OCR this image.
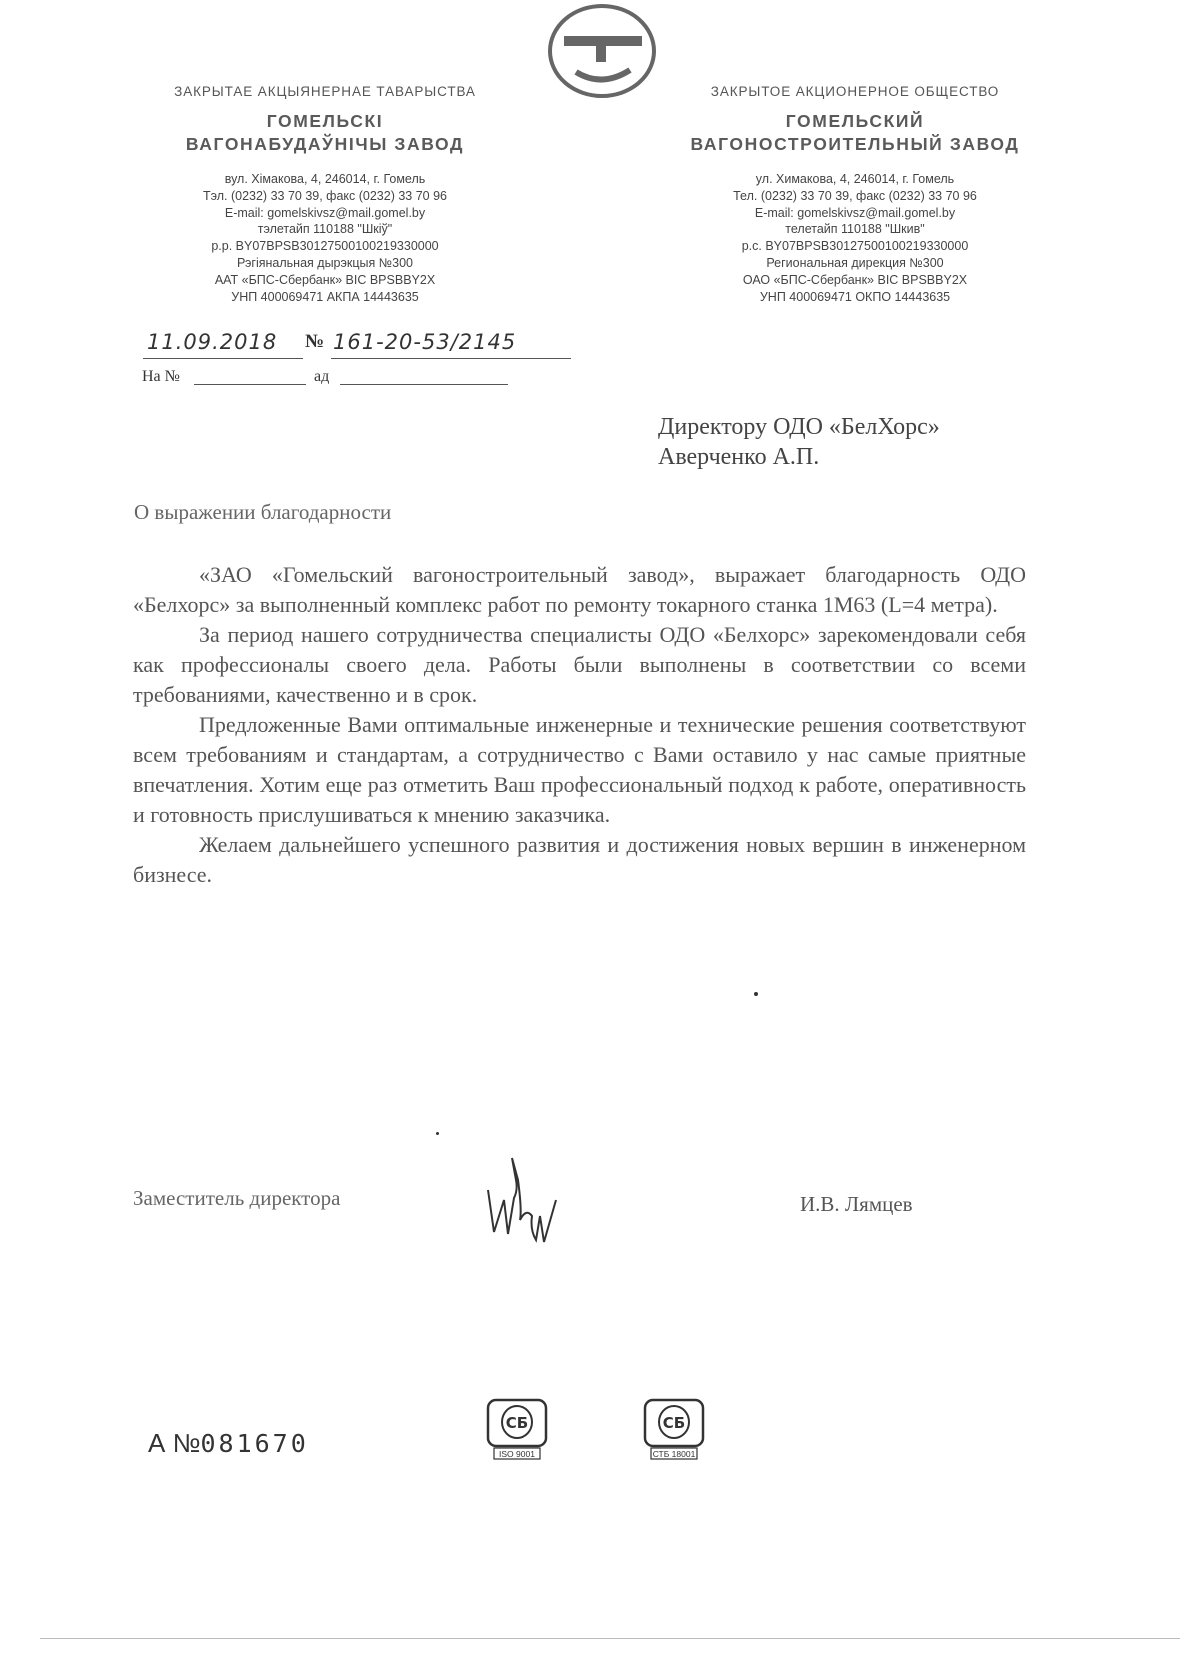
ЗАКРЫТАЕ АКЦЫЯНЕРНАЕ ТАВАРЫСТВА
ГОМЕЛЬСКІ
ВАГОНАБУДАЎНІЧЫ ЗАВОД
вул. Хімакова, 4, 246014, г. Гомель
Тэл. (0232) 33 70 39, факс (0232) 33 70 96
E-mail: gomelskivsz@mail.gomel.by
тэлетайп 110188 "Шкіў"
р.р. BY07BPSB30127500100219330000
Рэгіянальная дырэкцыя №300
ААТ «БПС-Сбербанк» BIC BPSBBY2X
УНП 400069471 АКПА 14443635
ЗАКРЫТОЕ АКЦИОНЕРНОЕ ОБЩЕСТВО
ГОМЕЛЬСКИЙ
ВАГОНОСТРОИТЕЛЬНЫЙ ЗАВОД
ул. Химакова, 4, 246014, г. Гомель
Тел. (0232) 33 70 39, факс (0232) 33 70 96
E-mail: gomelskivsz@mail.gomel.by
телетайп 110188 "Шкив"
р.с. BY07BPSB30127500100219330000
Региональная дирекция №300
ОАО «БПС-Сбербанк» BIC BPSBBY2X
УНП 400069471 ОКПО 14443635
11.09.2018 № 161-20-53/2145
На №	ад
Директору ОДО «БелХорс»
Аверченко А.П.
О выражении благодарности

«ЗАО «Гомельский вагоностроительный завод», выражает благодарность ОДО «Белхорс» за выполненный комплекс работ по ремонту токарного станка 1М63 (L=4 метра).

За период нашего сотрудничества специалисты ОДО «Белхорс» зарекомендовали себя как профессионалы своего дела. Работы были выполнены в соответствии со всеми требованиями, качественно и в срок.

Предложенные Вами оптимальные инженерные и технические решения соответствуют всем требованиям и стандартам, а сотрудничество с Вами оставило у нас самые приятные впечатления. Хотим еще раз отметить Ваш профессиональный подход к работе, оперативность и готовность прислушиваться к мнению заказчика.

Желаем дальнейшего успешного развития и достижения новых вершин в инженерном бизнесе.

Заместитель директора	И.В. Лямцев
А №081670
СБ
ISO 9001
СБ
СТБ 18001
